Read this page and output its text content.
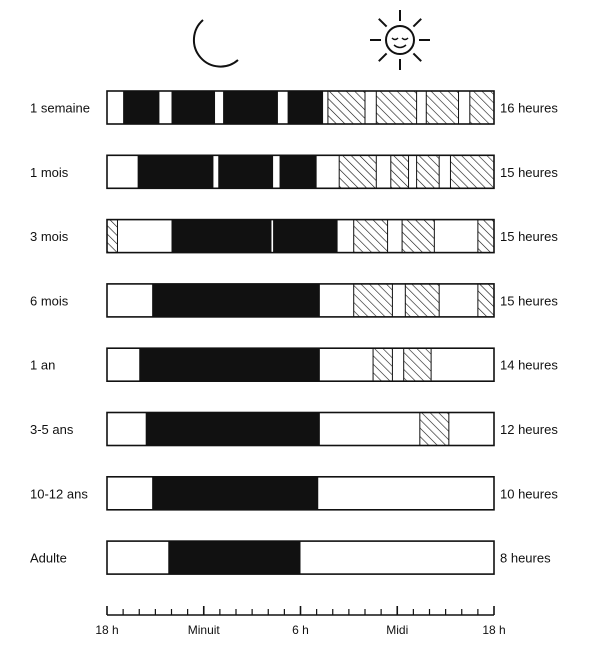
1 semaine	16 heures
1 mois	15 heures
3 mois	15 heures
6 mois	15 heures
1 an	14 heures
3-5 ans	12 heures
10-12 ans	10 heures
Adulte	8 heures
18 h	Minuit	6 h	Midi	18 h
